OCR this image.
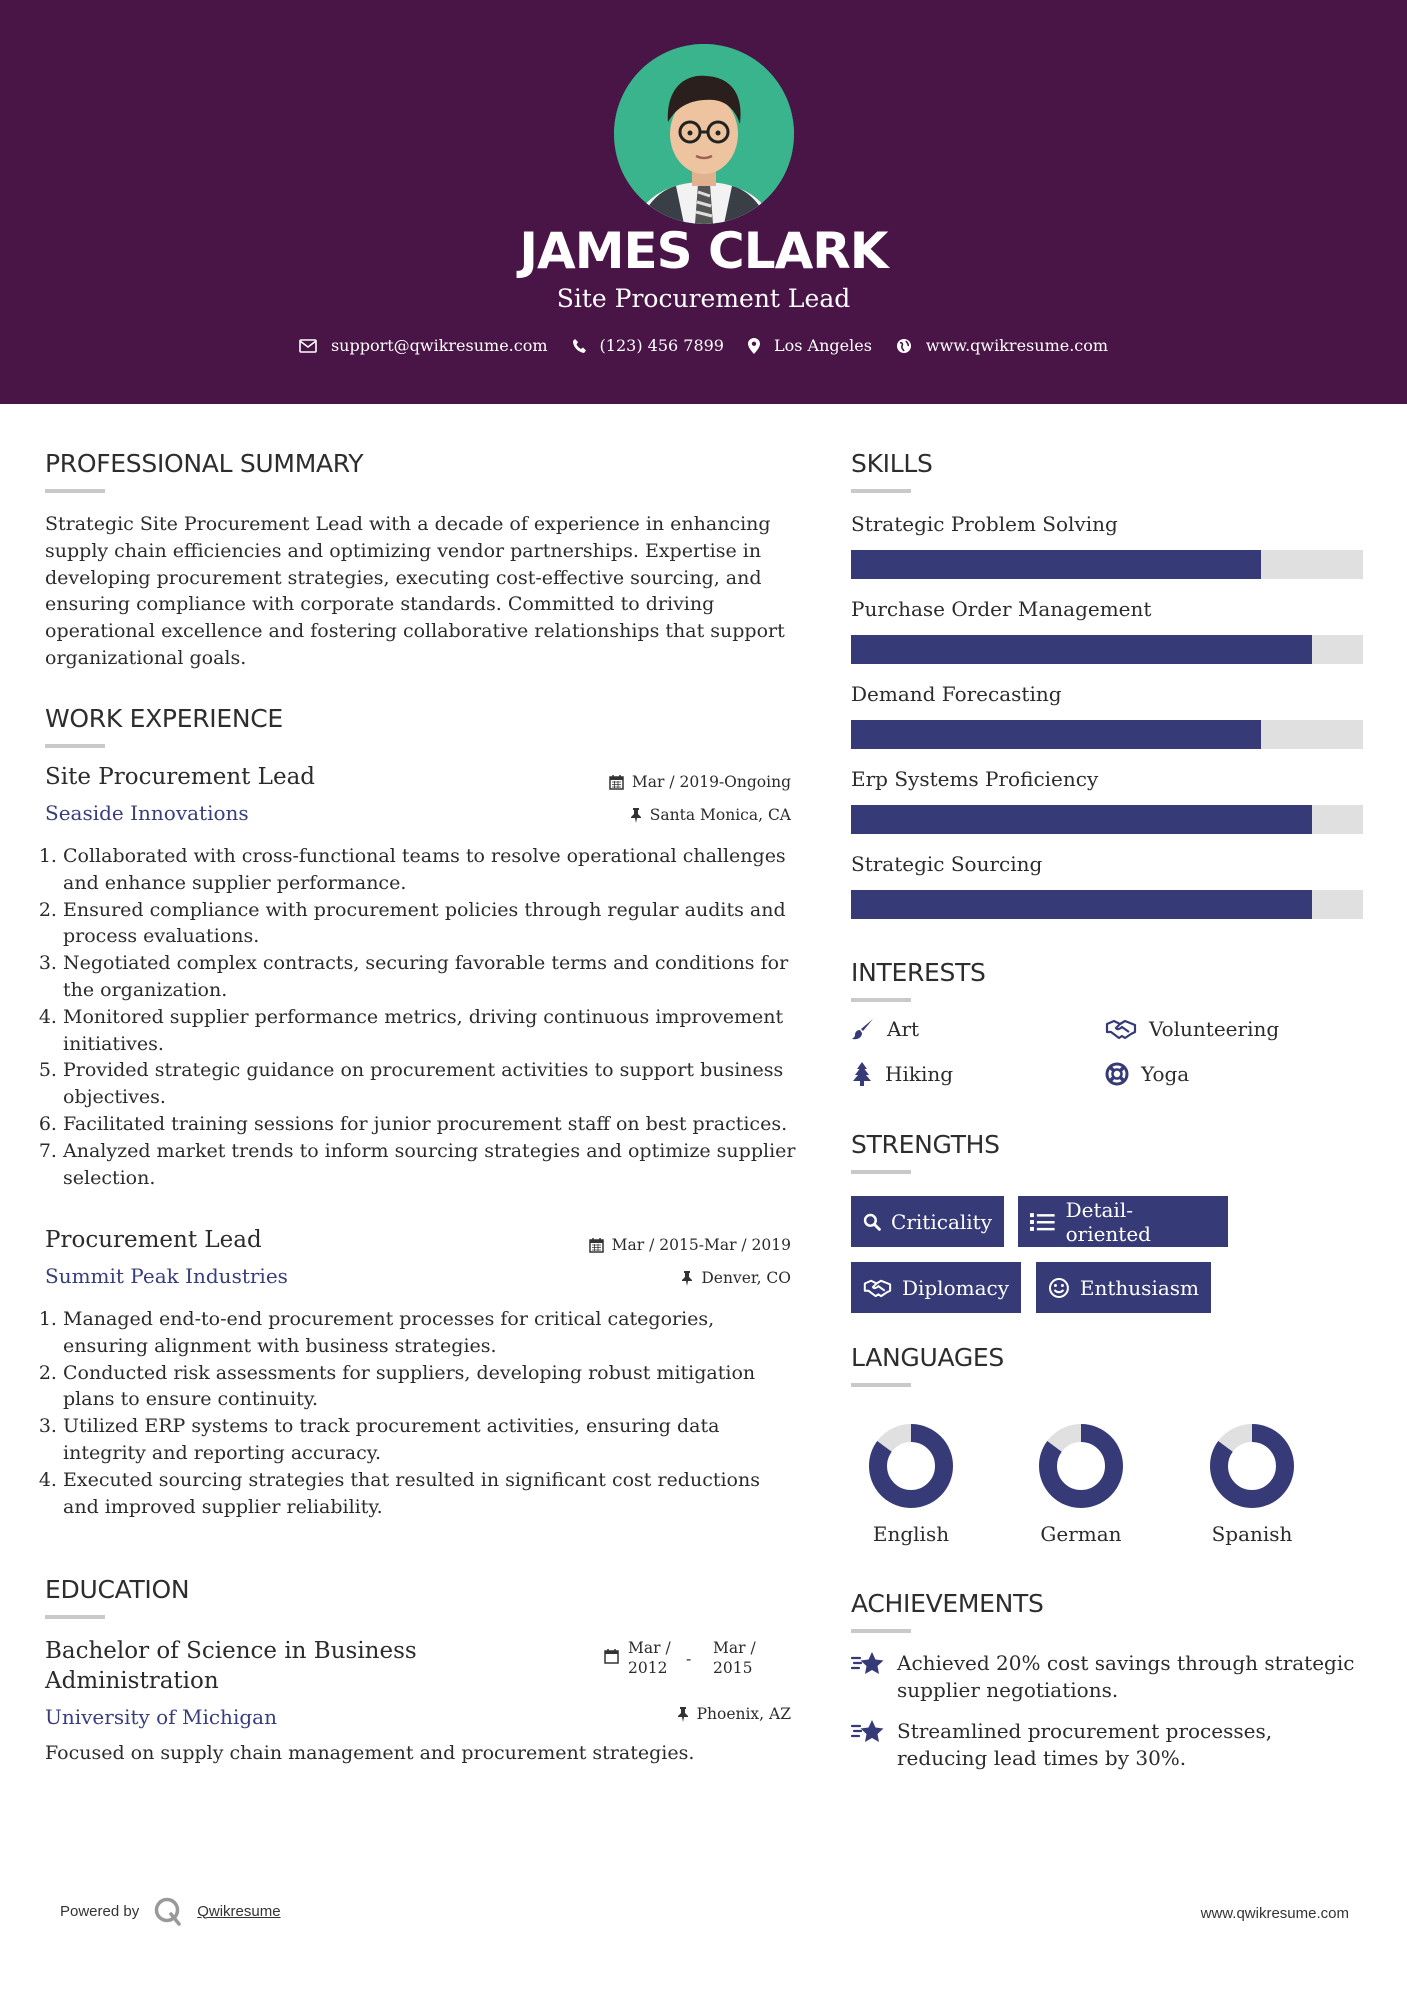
JAMES CLARK
Site Procurement Lead
support@qwikresume.com	(123) 456 7899	Los Angeles	www.qwikresume.com
PROFESSIONAL SUMMARY
Strategic Site Procurement Lead with a decade of experience in enhancing supply chain efficiencies and optimizing vendor partnerships. Expertise in developing procurement strategies, executing cost-effective sourcing, and ensuring compliance with corporate standards. Committed to driving operational excellence and fostering collaborative relationships that support organizational goals.
WORK EXPERIENCE
Site Procurement Lead	Mar / 2019-Ongoing
Seaside Innovations	Santa Monica, CA
1. Collaborated with cross-functional teams to resolve operational challenges and enhance supplier performance.
2. Ensured compliance with procurement policies through regular audits and process evaluations.
3. Negotiated complex contracts, securing favorable terms and conditions for the organization.
4. Monitored supplier performance metrics, driving continuous improvement initiatives.
5. Provided strategic guidance on procurement activities to support business objectives.
6. Facilitated training sessions for junior procurement staff on best practices.
7. Analyzed market trends to inform sourcing strategies and optimize supplier selection.
Procurement Lead	Mar / 2015-Mar / 2019
Summit Peak Industries	Denver, CO
1. Managed end-to-end procurement processes for critical categories, ensuring alignment with business strategies.
2. Conducted risk assessments for suppliers, developing robust mitigation plans to ensure continuity.
3. Utilized ERP systems to track procurement activities, ensuring data integrity and reporting accuracy.
4. Executed sourcing strategies that resulted in significant cost reductions and improved supplier reliability.
EDUCATION
Bachelor of Science in Business Administration
Mar / 2012 -
Mar / 2015
University of Michigan	Phoenix, AZ
Focused on supply chain management and procurement strategies.
SKILLS
Strategic Problem Solving
Purchase Order Management
Demand Forecasting
Erp Systems Proficiency
Strategic Sourcing
INTERESTS
Art	Volunteering
Hiking	Yoga
STRENGTHS
Criticality	Detail-oriented
Diplomacy	Enthusiasm
LANGUAGES
English	German	Spanish
ACHIEVEMENTS
Achieved 20% cost savings through strategic supplier negotiations.
Streamlined procurement processes, reducing lead times by 30%.
Powered by	Qwikresume	www.qwikresume.com
